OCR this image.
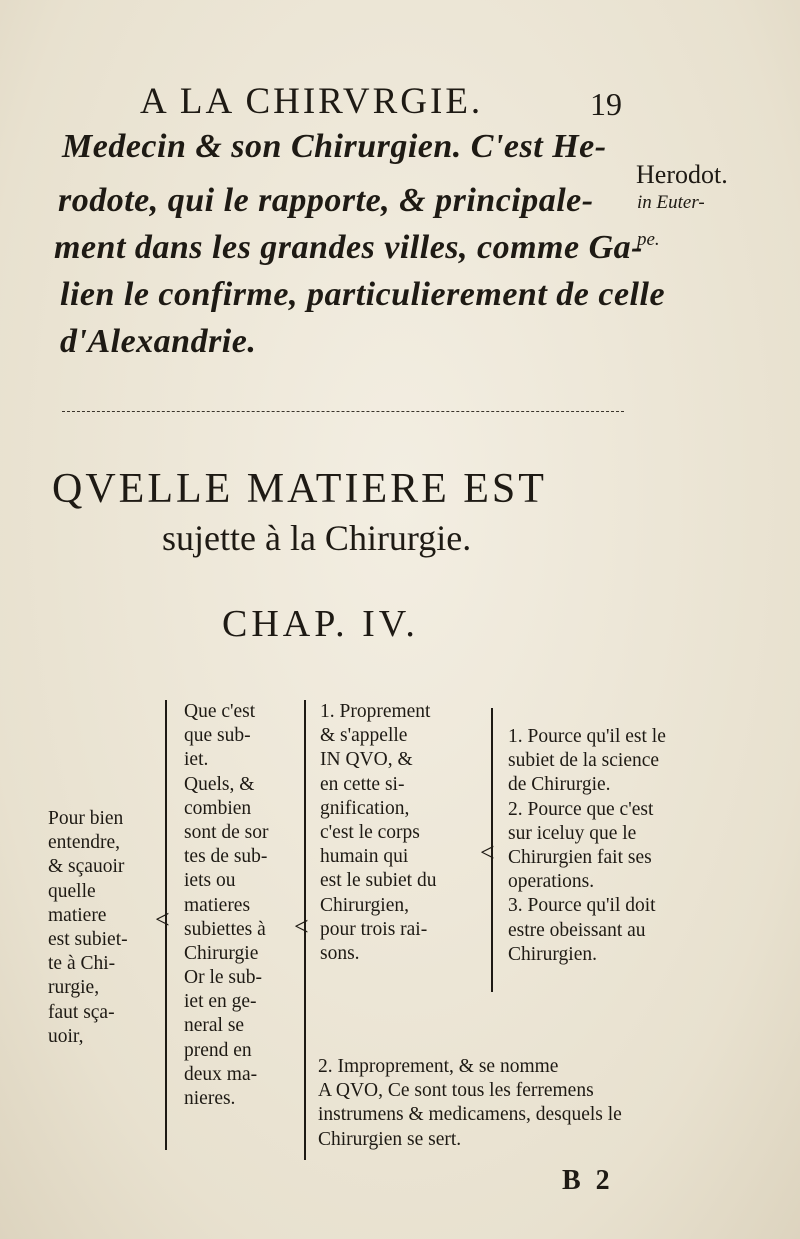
A LA CHIRVRGIE.	19
Medecin & son Chirurgien. C'est He-
rodote, qui le rapporte, & principale-
ment dans les grandes villes, comme Ga-
lien le confirme, particulierement de celle
d'Alexandrie.
Herodot.
in Euter-
pe.
QVELLE MATIERE EST
sujette à la Chirurgie.
CHAP. IV.
Pour bien
entendre,
& sçauoir
quelle
matiere
est subiet-
te à Chi-
rurgie,
faut sça-
uoir,
<
Que c'est
que sub-
iet.
Quels, &
combien
sont de sor
tes de sub-
iets ou
matieres
subiettes à
Chirurgie
Or le sub-
iet en ge-
neral se
prend en
deux ma-
nieres.
<
1. Proprement
& s'appelle
IN QVO, &
en cette si-
gnification,
c'est le corps
humain qui
est le subiet du
Chirurgien,
pour trois rai-
sons.
<
1. Pource qu'il est le
subiet de la science
de Chirurgie.
2. Pource que c'est
sur iceluy que le
Chirurgien fait ses
operations.
3. Pource qu'il doit
estre obeissant au
Chirurgien.
2. Improprement, & se nomme
A QVO, Ce sont tous les ferremens
instrumens & medicamens, desquels le
Chirurgien se sert.
B 2
